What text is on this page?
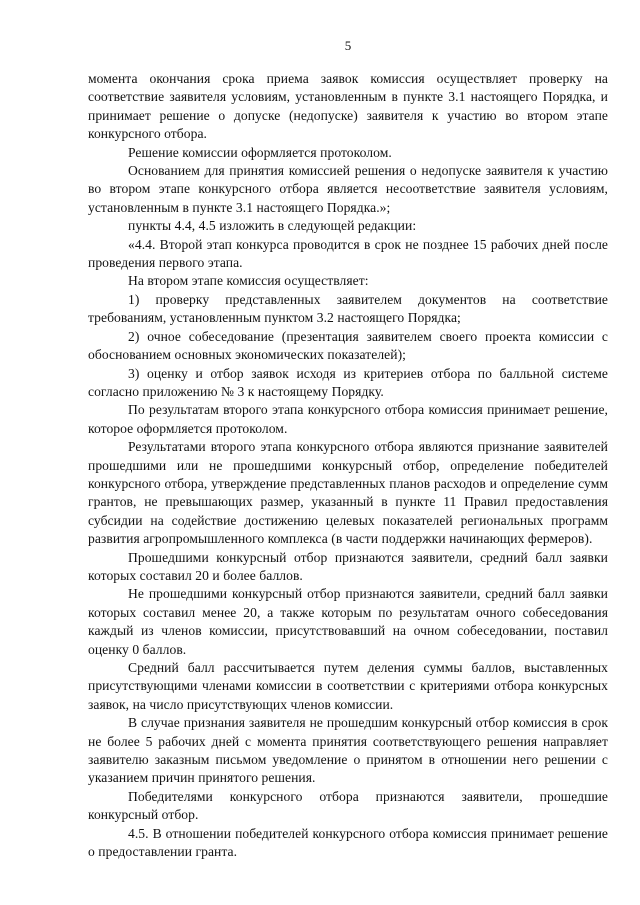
5

момента окончания срока приема заявок комиссия осуществляет проверку на соответствие заявителя условиям, установленным в пункте 3.1 настоящего Порядка, и принимает решение о допуске (недопуске) заявителя к участию во втором этапе конкурсного отбора.

Решение комиссии оформляется протоколом.

Основанием для принятия комиссией решения о недопуске заявителя к участию во втором этапе конкурсного отбора является несоответствие заявителя условиям, установленным в пункте 3.1 настоящего Порядка.»;

пункты 4.4, 4.5 изложить в следующей редакции:

«4.4. Второй этап конкурса проводится в срок не позднее 15 рабочих дней после проведения первого этапа.

На втором этапе комиссия осуществляет:

1) проверку представленных заявителем документов на соответствие требованиям, установленным пунктом 3.2 настоящего Порядка;

2) очное собеседование (презентация заявителем своего проекта комиссии с обоснованием основных экономических показателей);

3) оценку и отбор заявок исходя из критериев отбора по балльной системе согласно приложению № 3 к настоящему Порядку.

По результатам второго этапа конкурсного отбора комиссия принимает решение, которое оформляется протоколом.

Результатами второго этапа конкурсного отбора являются признание заявителей прошедшими или не прошедшими конкурсный отбор, определение победителей конкурсного отбора, утверждение представленных планов расходов и определение сумм грантов, не превышающих размер, указанный в пункте 11 Правил предоставления субсидии на содействие достижению целевых показателей региональных программ развития агропромышленного комплекса (в части поддержки начинающих фермеров).

Прошедшими конкурсный отбор признаются заявители, средний балл заявки которых составил 20 и более баллов.

Не прошедшими конкурсный отбор признаются заявители, средний балл заявки которых составил менее 20, а также которым по результатам очного собеседования каждый из членов комиссии, присутствовавший на очном собеседовании, поставил оценку 0 баллов.

Средний балл рассчитывается путем деления суммы баллов, выставленных присутствующими членами комиссии в соответствии с критериями отбора конкурсных заявок, на число присутствующих членов комиссии.

В случае признания заявителя не прошедшим конкурсный отбор комиссия в срок не более 5 рабочих дней с момента принятия соответствующего решения направляет заявителю заказным письмом уведомление о принятом в отношении него решении с указанием причин принятого решения.

Победителями конкурсного отбора признаются заявители, прошедшие конкурсный отбор.

4.5. В отношении победителей конкурсного отбора комиссия принимает решение о предоставлении гранта.
